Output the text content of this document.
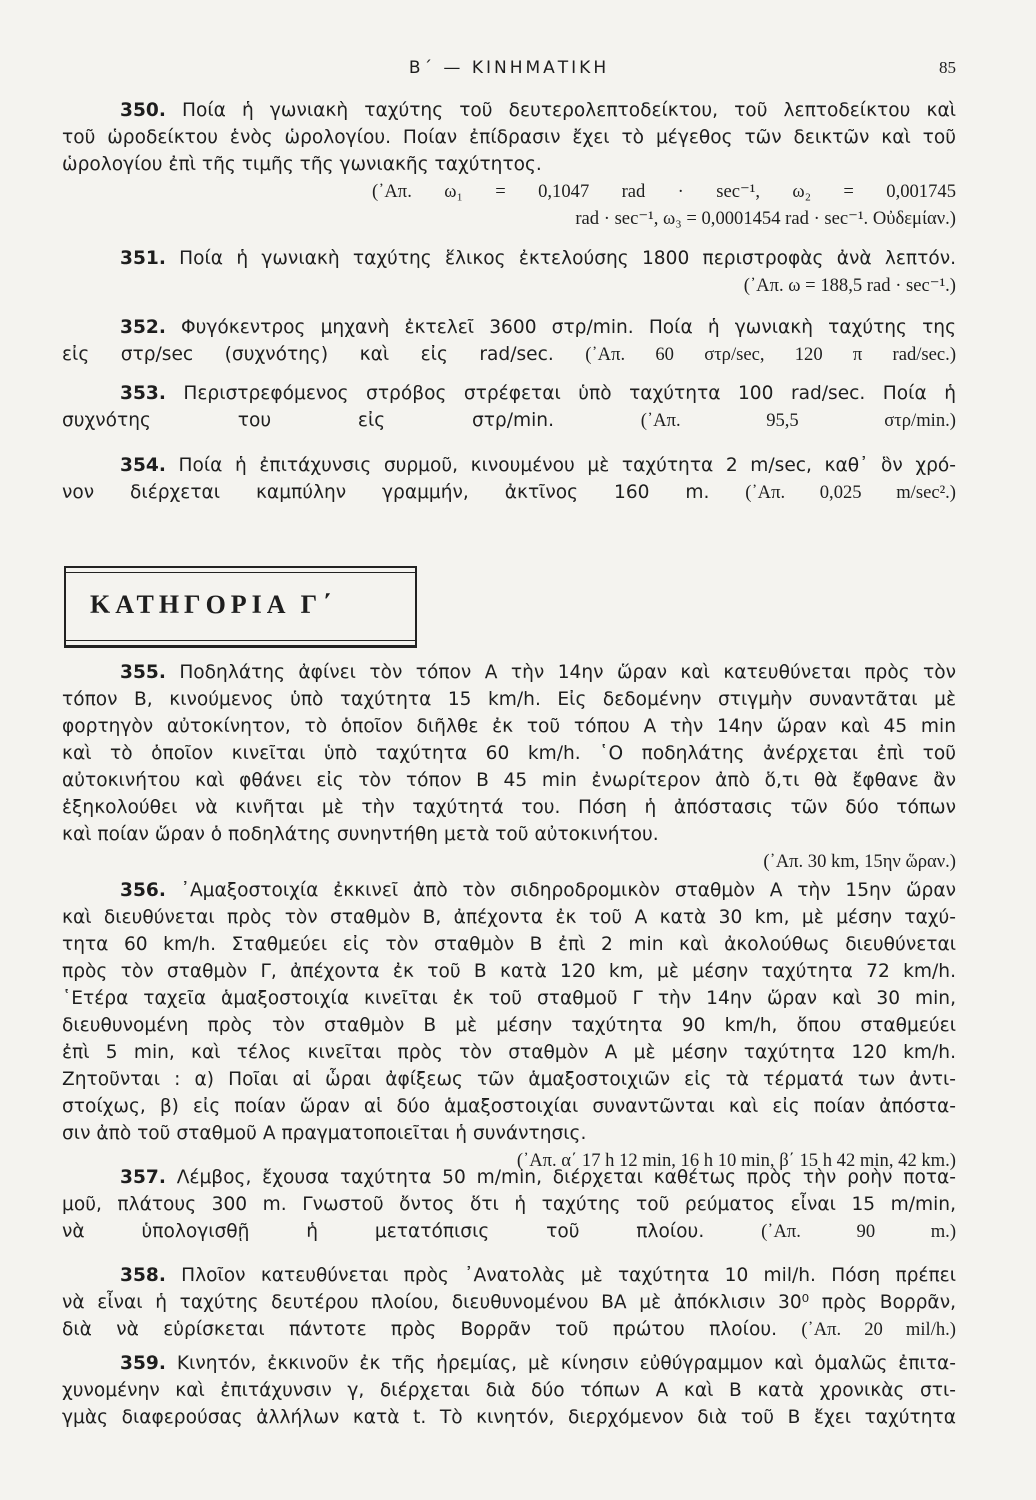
Β΄ — ΚΙΝΗΜΑΤΙΚΗ	85
350. Ποία ἡ γωνιακὴ ταχύτης τοῦ δευτερολεπτοδείκτου, τοῦ λεπτοδείκτου καὶ
τοῦ ὡροδείκτου ἑνὸς ὡρολογίου. Ποίαν ἐπίδρασιν ἔχει τὸ μέγεθος τῶν δεικτῶν καὶ τοῦ
ὡρολογίου ἐπὶ τῆς τιμῆς τῆς γωνιακῆς ταχύτητος.
(᾿Απ. ω₁ = 0,1047 rad · sec⁻¹, ω₂ = 0,001745
rad · sec⁻¹, ω₃ = 0,0001454 rad · sec⁻¹. Οὐδεμίαν.)
351. Ποία ἡ γωνιακὴ ταχύτης ἕλικος ἐκτελούσης 1800 περιστροφὰς ἀνὰ λεπτόν.
(᾿Απ. ω = 188,5 rad · sec⁻¹.)
352. Φυγόκεντρος μηχανὴ ἐκτελεῖ 3600 στρ/min. Ποία ἡ γωνιακὴ ταχύτης της
εἰς στρ/sec (συχνότης) καὶ εἰς rad/sec. (᾿Απ. 60 στρ/sec, 120 π rad/sec.)
353. Περιστρεφόμενος στρόβος στρέφεται ὑπὸ ταχύτητα 100 rad/sec. Ποία ἡ
συχνότης του εἰς στρ/min.	(᾿Απ. 95,5 στρ/min.)
354. Ποία ἡ ἐπιτάχυνσις συρμοῦ, κινουμένου μὲ ταχύτητα 2 m/sec, καθ᾿ ὃν χρό-
νον διέρχεται καμπύλην γραμμήν, ἀκτῖνος 160 m. (᾿Απ. 0,025 m/sec².)
ΚΑΤΗΓΟΡΙΑ Γ΄
355. Ποδηλάτης ἀφίνει τὸν τόπον Α τὴν 14ην ὥραν καὶ κατευθύνεται πρὸς τὸν
τόπον Β, κινούμενος ὑπὸ ταχύτητα 15 km/h. Εἰς δεδομένην στιγμὴν συναντᾶται μὲ
φορτηγὸν αὐτοκίνητον, τὸ ὁποῖον διῆλθε ἐκ τοῦ τόπου Α τὴν 14ην ὥραν καὶ 45 min
καὶ τὸ ὁποῖον κινεῖται ὑπὸ ταχύτητα 60 km/h. ῾Ο ποδηλάτης ἀνέρχεται ἐπὶ τοῦ
αὐτοκινήτου καὶ φθάνει εἰς τὸν τόπον Β 45 min ἐνωρίτερον ἀπὸ ὅ,τι θὰ ἔφθανε ἂν
ἐξηκολούθει νὰ κινῆται μὲ τὴν ταχύτητά του. Πόση ἡ ἀπόστασις τῶν δύο τόπων
καὶ ποίαν ὥραν ὁ ποδηλάτης συνηντήθη μετὰ τοῦ αὐτοκινήτου.
(᾿Απ. 30 km, 15ην ὥραν.)
356. ᾿Αμαξοστοιχία ἐκκινεῖ ἀπὸ τὸν σιδηροδρομικὸν σταθμὸν Α τὴν 15ην ὥραν
καὶ διευθύνεται πρὸς τὸν σταθμὸν Β, ἀπέχοντα ἐκ τοῦ Α κατὰ 30 km, μὲ μέσην ταχύ-
τητα 60 km/h. Σταθμεύει εἰς τὸν σταθμὸν Β ἐπὶ 2 min καὶ ἀκολούθως διευθύνεται
πρὸς τὸν σταθμὸν Γ, ἀπέχοντα ἐκ τοῦ Β κατὰ 120 km, μὲ μέσην ταχύτητα 72 km/h.
῾Ετέρα ταχεῖα ἁμαξοστοιχία κινεῖται ἐκ τοῦ σταθμοῦ Γ τὴν 14ην ὥραν καὶ 30 min,
διευθυνομένη πρὸς τὸν σταθμὸν Β μὲ μέσην ταχύτητα 90 km/h, ὅπου σταθμεύει
ἐπὶ 5 min, καὶ τέλος κινεῖται πρὸς τὸν σταθμὸν Α μὲ μέσην ταχύτητα 120 km/h.
Ζητοῦνται : α) Ποῖαι αἱ ὧραι ἀφίξεως τῶν ἁμαξοστοιχιῶν εἰς τὰ τέρματά των ἀντι-
στοίχως, β) εἰς ποίαν ὥραν αἱ δύο ἁμαξοστοιχίαι συναντῶνται καὶ εἰς ποίαν ἀπόστα-
σιν ἀπὸ τοῦ σταθμοῦ Α πραγματοποιεῖται ἡ συνάντησις.
(᾿Απ. α΄ 17 h 12 min, 16 h 10 min, β΄ 15 h 42 min, 42 km.)
357. Λέμβος, ἔχουσα ταχύτητα 50 m/min, διέρχεται καθέτως πρὸς τὴν ροὴν ποτα-
μοῦ, πλάτους 300 m. Γνωστοῦ ὄντος ὅτι ἡ ταχύτης τοῦ ρεύματος εἶναι 15 m/min,
νὰ ὑπολογισθῇ ἡ μετατόπισις τοῦ πλοίου.	(᾿Απ. 90 m.)
358. Πλοῖον κατευθύνεται πρὸς ᾿Ανατολὰς μὲ ταχύτητα 10 mil/h. Πόση πρέπει
νὰ εἶναι ἡ ταχύτης δευτέρου πλοίου, διευθυνομένου ΒΑ μὲ ἀπόκλισιν 30⁰ πρὸς Βορρᾶν,
διὰ νὰ εὑρίσκεται πάντοτε πρὸς Βορρᾶν τοῦ πρώτου πλοίου. (᾿Απ. 20 mil/h.)
359. Κινητόν, ἐκκινοῦν ἐκ τῆς ἠρεμίας, μὲ κίνησιν εὐθύγραμμον καὶ ὁμαλῶς ἐπιτα-
χυνομένην καὶ ἐπιτάχυνσιν γ, διέρχεται διὰ δύο τόπων Α καὶ Β κατὰ χρονικὰς στι-
γμὰς διαφερούσας ἀλλήλων κατὰ t. Τὸ κινητόν, διερχόμενον διὰ τοῦ Β ἔχει ταχύτητα
